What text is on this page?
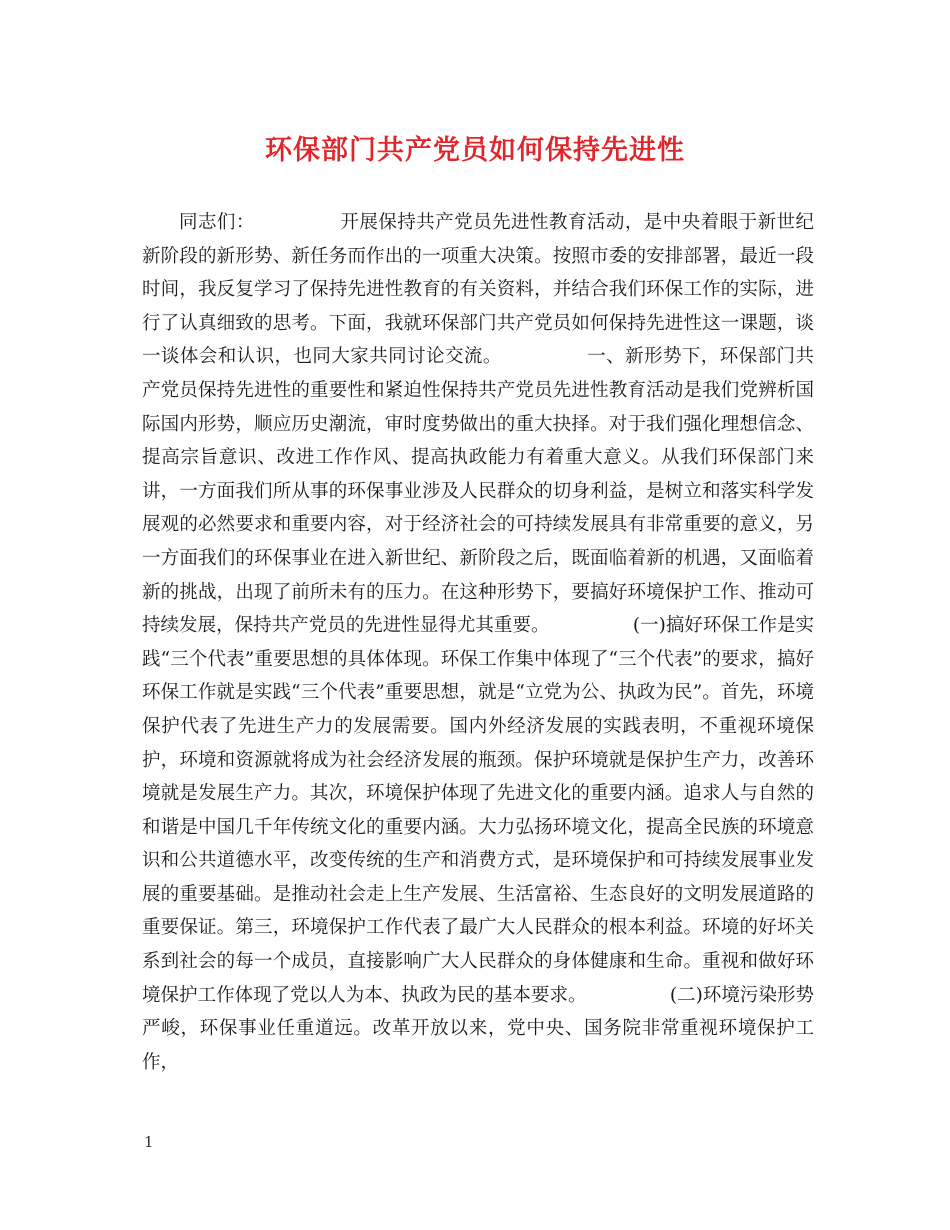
环保部门共产党员如何保持先进性

同志们：　　　　　开展保持共产党员先进性教育活动，是中央着眼于新世纪新阶段的新形势、新任务而作出的一项重大决策。按照市委的安排部署，最近一段时间，我反复学习了保持先进性教育的有关资料，并结合我们环保工作的实际，进行了认真细致的思考。下面，我就环保部门共产党员如何保持先进性这一课题，谈一谈体会和认识，也同大家共同讨论交流。　　　　　一、新形势下，环保部门共产党员保持先进性的重要性和紧迫性保持共产党员先进性教育活动是我们党辨析国际国内形势，顺应历史潮流，审时度势做出的重大抉择。对于我们强化理想信念、提高宗旨意识、改进工作作风、提高执政能力有着重大意义。从我们环保部门来讲，一方面我们所从事的环保事业涉及人民群众的切身利益，是树立和落实科学发展观的必然要求和重要内容，对于经济社会的可持续发展具有非常重要的意义，另一方面我们的环保事业在进入新世纪、新阶段之后，既面临着新的机遇，又面临着新的挑战，出现了前所未有的压力。在这种形势下，要搞好环境保护工作、推动可持续发展，保持共产党员的先进性显得尤其重要。　　　　　(一)搞好环保工作是实践“三个代表”重要思想的具体体现。环保工作集中体现了“三个代表”的要求，搞好环保工作就是实践“三个代表”重要思想，就是“立党为公、执政为民”。首先，环境保护代表了先进生产力的发展需要。国内外经济发展的实践表明，不重视环境保护，环境和资源就将成为社会经济发展的瓶颈。保护环境就是保护生产力，改善环境就是发展生产力。其次，环境保护体现了先进文化的重要内涵。追求人与自然的和谐是中国几千年传统文化的重要内涵。大力弘扬环境文化，提高全民族的环境意识和公共道德水平，改变传统的生产和消费方式，是环境保护和可持续发展事业发展的重要基础。是推动社会走上生产发展、生活富裕、生态良好的文明发展道路的重要保证。第三，环境保护工作代表了最广大人民群众的根本利益。环境的好坏关系到社会的每一个成员，直接影响广大人民群众的身体健康和生命。重视和做好环境保护工作体现了党以人为本、执政为民的基本要求。　　　　　(二)环境污染形势严峻，环保事业任重道远。改革开放以来，党中央、国务院非常重视环境保护工作，

1
